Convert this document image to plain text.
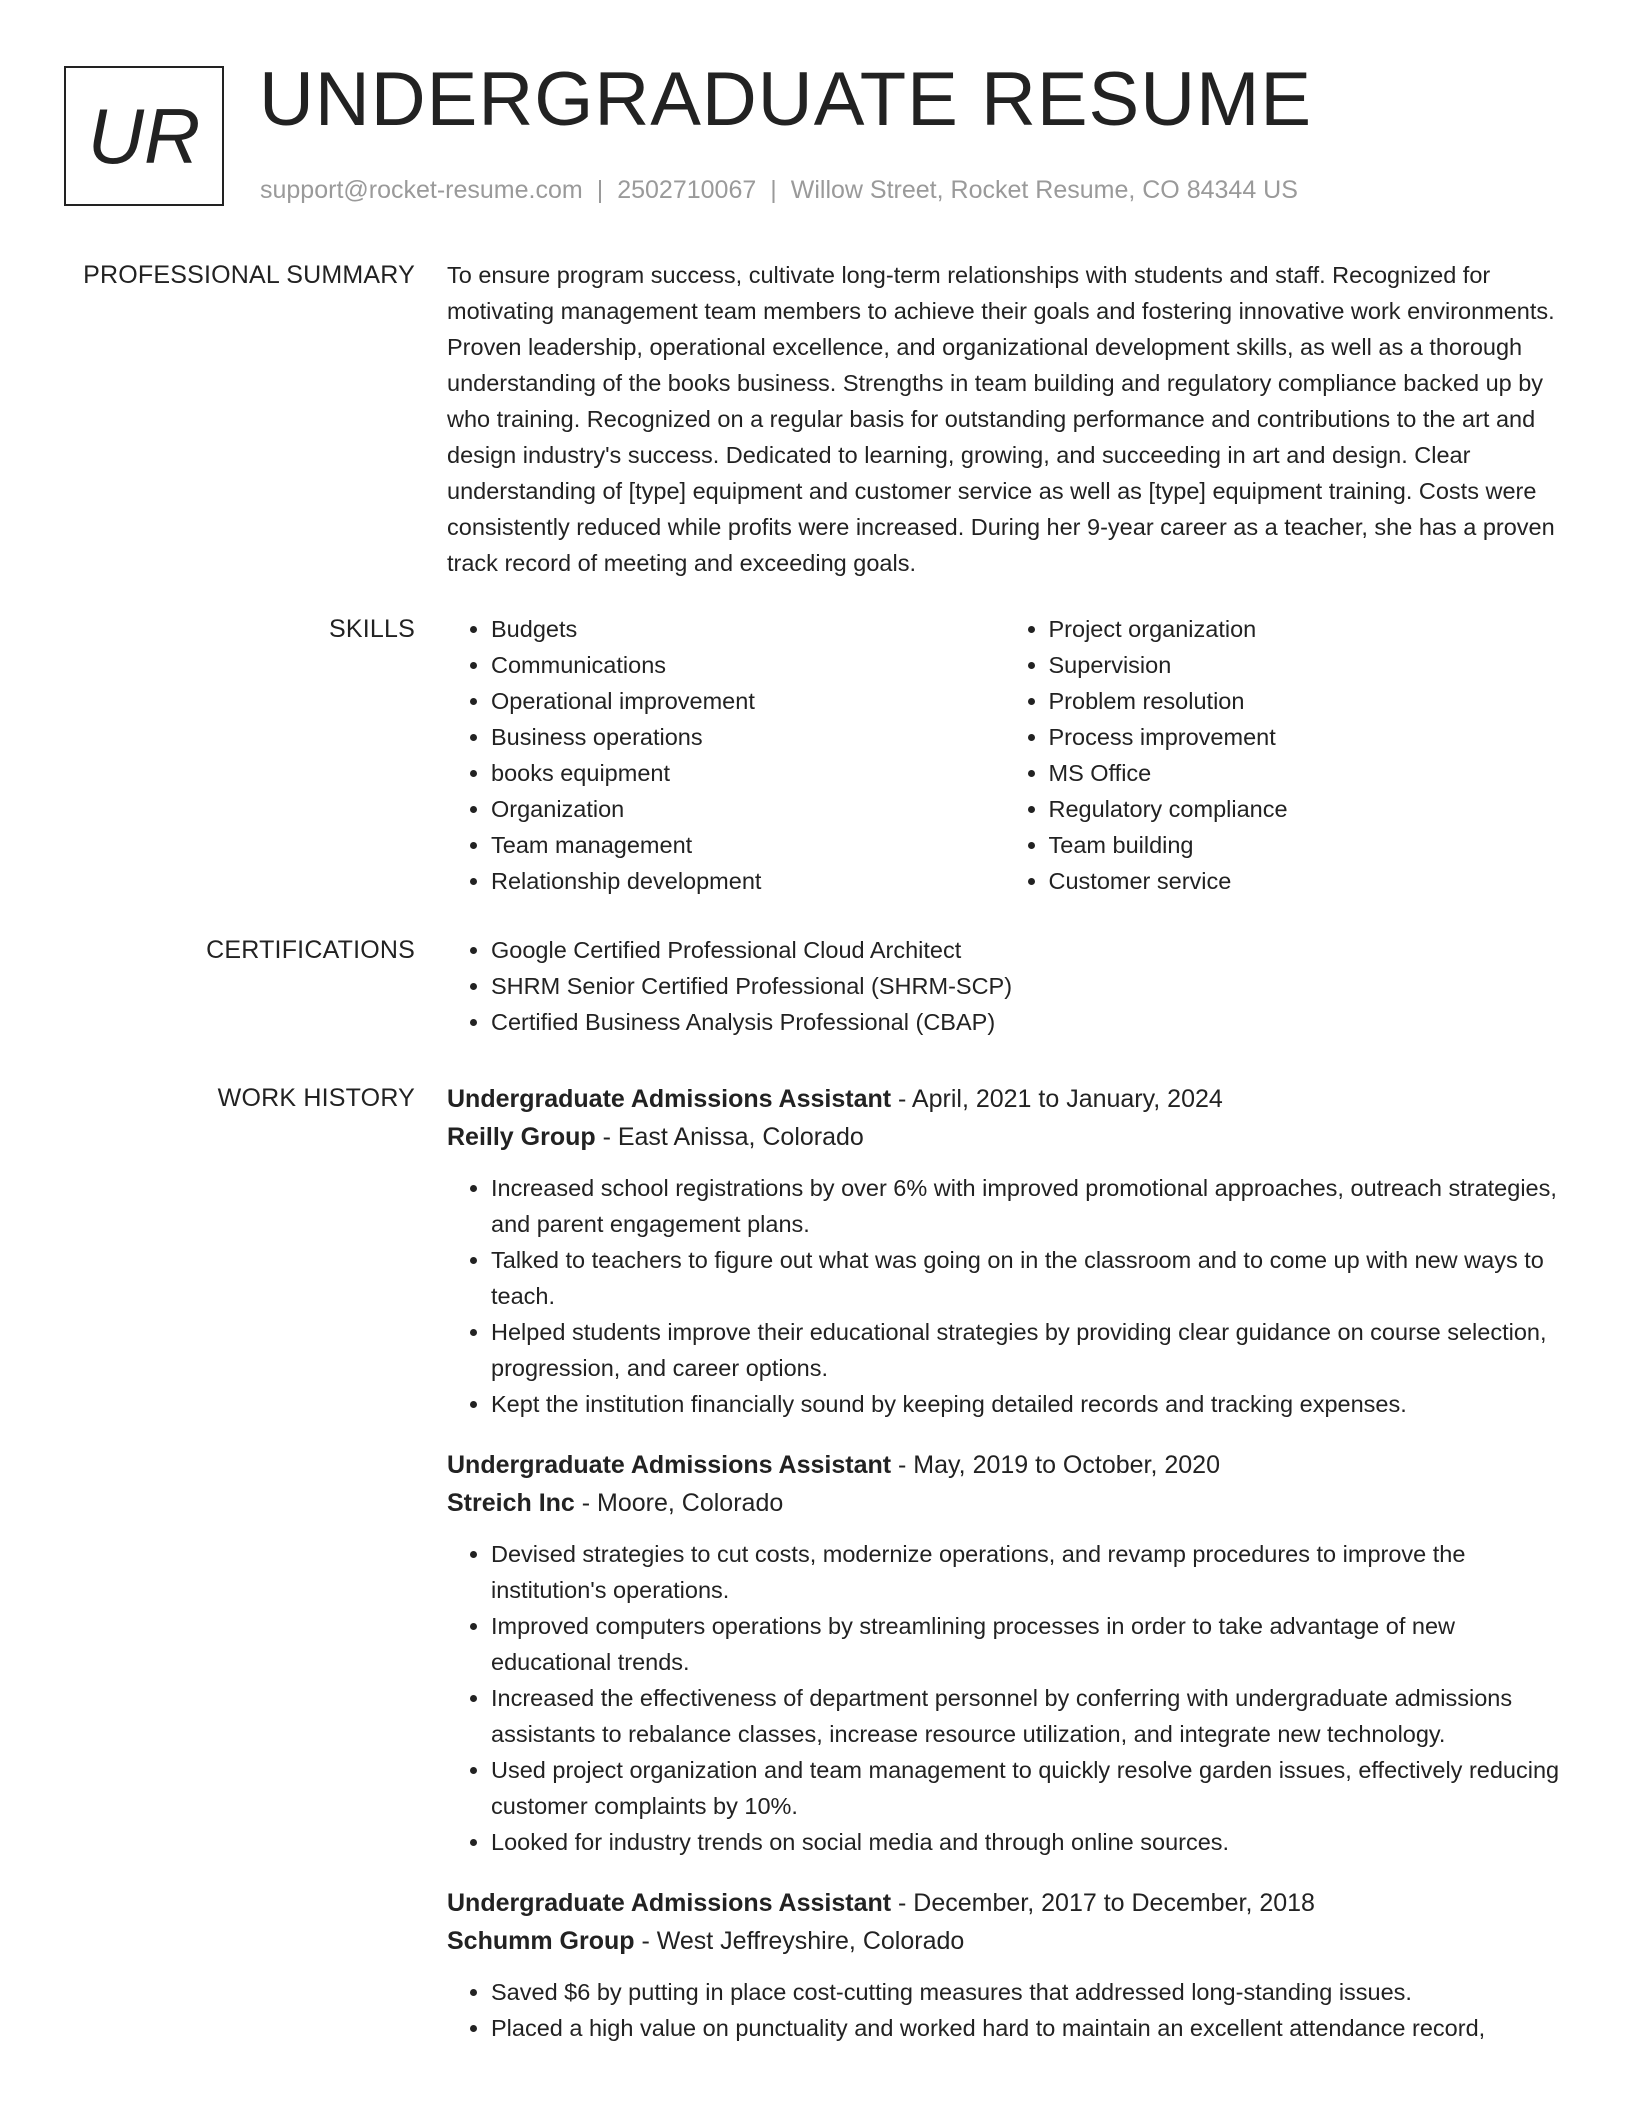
UR UNDERGRADUATE RESUME
support@rocket-resume.com | 2502710067 | Willow Street, Rocket Resume, CO 84344 US
PROFESSIONAL SUMMARY To ensure program success, cultivate long-term relationships with students and staff. Recognized for motivating management team members to achieve their goals and fostering innovative work environments. Proven leadership, operational excellence, and organizational development skills, as well as a thorough understanding of the books business. Strengths in team building and regulatory compliance backed up by who training. Recognized on a regular basis for outstanding performance and contributions to the art and design industry's success. Dedicated to learning, growing, and succeeding in art and design. Clear understanding of [type] equipment and customer service as well as [type] equipment training. Costs were consistently reduced while profits were increased. During her 9-year career as a teacher, she has a proven track record of meeting and exceeding goals.

SKILLS	• Budgets
• Communications
• Operational improvement
• Business operations
• books equipment
• Organization
• Team management
• Relationship development
• Project organization
• Supervision
• Problem resolution
• Process improvement
• MS Office
• Regulatory compliance
• Team building
• Customer service
CERTIFICATIONS	• Google Certified Professional Cloud Architect
• SHRM Senior Certified Professional (SHRM-SCP)
• Certified Business Analysis Professional (CBAP)
WORK HISTORY Undergraduate Admissions Assistant - April, 2021 to January, 2024
Reilly Group - East Anissa, Colorado
• Increased school registrations by over 6% with improved promotional approaches, outreach strategies, and parent engagement plans.
• Talked to teachers to figure out what was going on in the classroom and to come up with new ways to teach.
• Helped students improve their educational strategies by providing clear guidance on course selection, progression, and career options.
• Kept the institution financially sound by keeping detailed records and tracking expenses.
Undergraduate Admissions Assistant - May, 2019 to October, 2020
Streich Inc - Moore, Colorado
• Devised strategies to cut costs, modernize operations, and revamp procedures to improve the institution's operations.
• Improved computers operations by streamlining processes in order to take advantage of new educational trends.
• Increased the effectiveness of department personnel by conferring with undergraduate admissions assistants to rebalance classes, increase resource utilization, and integrate new technology.
• Used project organization and team management to quickly resolve garden issues, effectively reducing customer complaints by 10%.
• Looked for industry trends on social media and through online sources.
Undergraduate Admissions Assistant - December, 2017 to December, 2018
Schumm Group - West Jeffreyshire, Colorado
• Saved $6 by putting in place cost-cutting measures that addressed long-standing issues.
• Placed a high value on punctuality and worked hard to maintain an excellent attendance record,
